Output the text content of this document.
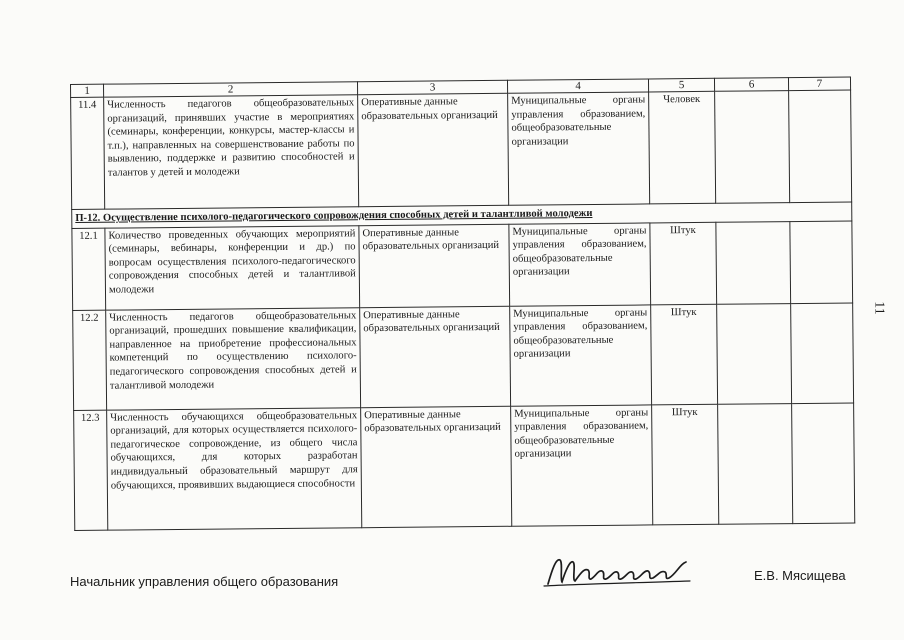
1	2	3	4	5	6	7
11.4	Численность педагогов общеобразовательных организаций, принявших участие в мероприятиях (семинары, конференции, конкурсы, мастер-классы и т.п.), направленных на совершенствование работы по выявлению, поддержке и развитию способностей и талантов у детей и молодежи	Оперативные данные образовательных организаций	Муниципальные органы управления образованием, общеобразовательные организации	Человек		
П-12. Осуществление психолого-педагогического сопровождения способных детей и талантливой молодежи						
12.1	Количество проведенных обучающих мероприятий (семинары, вебинары, конференции и др.) по вопросам осуществления психолого-педагогического сопровождения способных детей и талантливой молодежи	Оперативные данные образовательных организаций	Муниципальные органы управления образованием, общеобразовательные организации	Штук		
12.2	Численность педагогов общеобразовательных организаций, прошедших повышение квалификации, направленное на приобретение профессиональных компетенций по осуществлению психолого-педагогического сопровождения способных детей и талантливой молодежи	Оперативные данные образовательных организаций	Муниципальные органы управления образованием, общеобразовательные организации	Штук		
12.3	Численность обучающихся общеобразовательных организаций, для которых осуществляется психолого-педагогическое сопровождение, из общего числа обучающихся, для которых разработан индивидуальный образовательный маршрут для обучающихся, проявивших выдающиеся способности	Оперативные данные образовательных организаций	Муниципальные органы управления образованием, общеобразовательные организации	Штук		
11
Начальник управления общего образования	Е.В. Мясищева
